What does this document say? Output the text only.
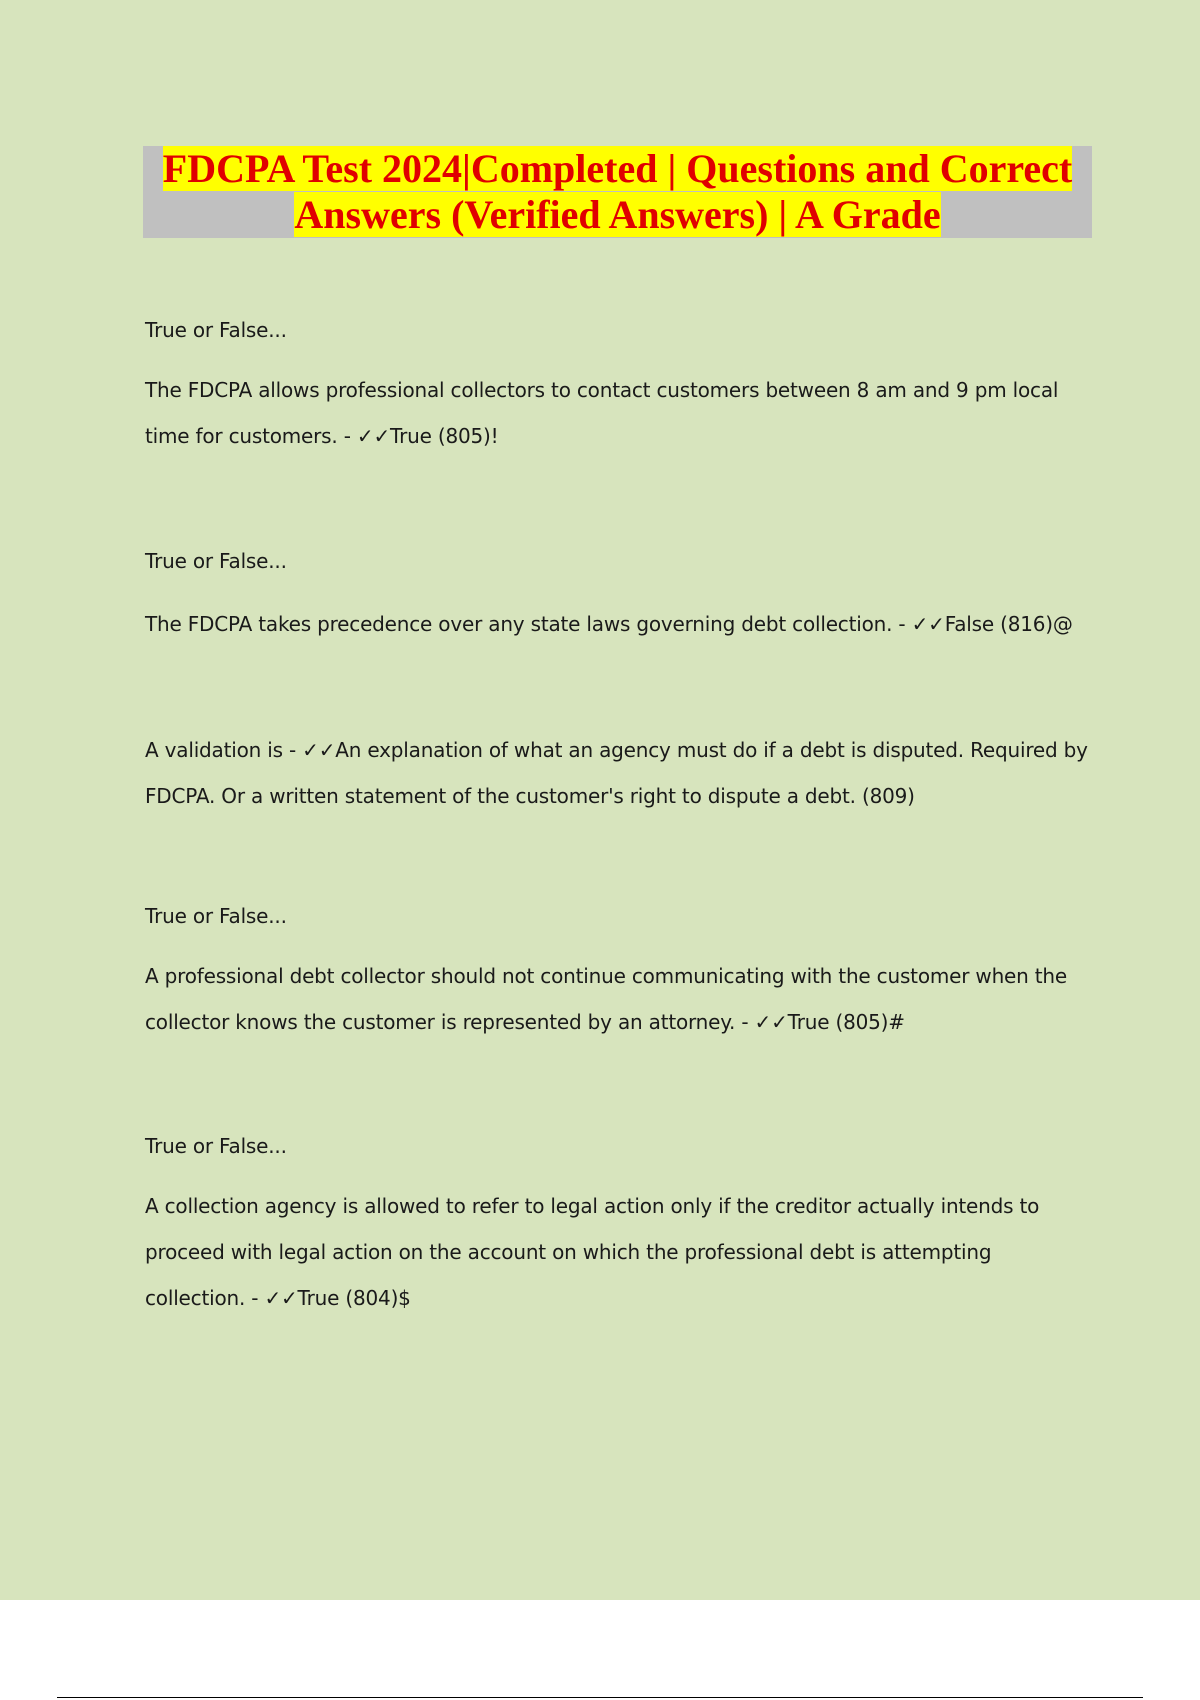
FDCPA Test 2024|Completed | Questions and Correct
Answers (Verified Answers) | A Grade

True or False...

The FDCPA allows professional collectors to contact customers between 8 am and 9 pm local time for customers. - ✓✓True (805)!

True or False...

The FDCPA takes precedence over any state laws governing debt collection. - ✓✓False (816)@

A validation is - ✓✓An explanation of what an agency must do if a debt is disputed. Required by FDCPA. Or a written statement of the customer's right to dispute a debt. (809)

True or False...

A professional debt collector should not continue communicating with the customer when the collector knows the customer is represented by an attorney. - ✓✓True (805)#

True or False...

A collection agency is allowed to refer to legal action only if the creditor actually intends to proceed with legal action on the account on which the professional debt is attempting collection. - ✓✓True (804)$
